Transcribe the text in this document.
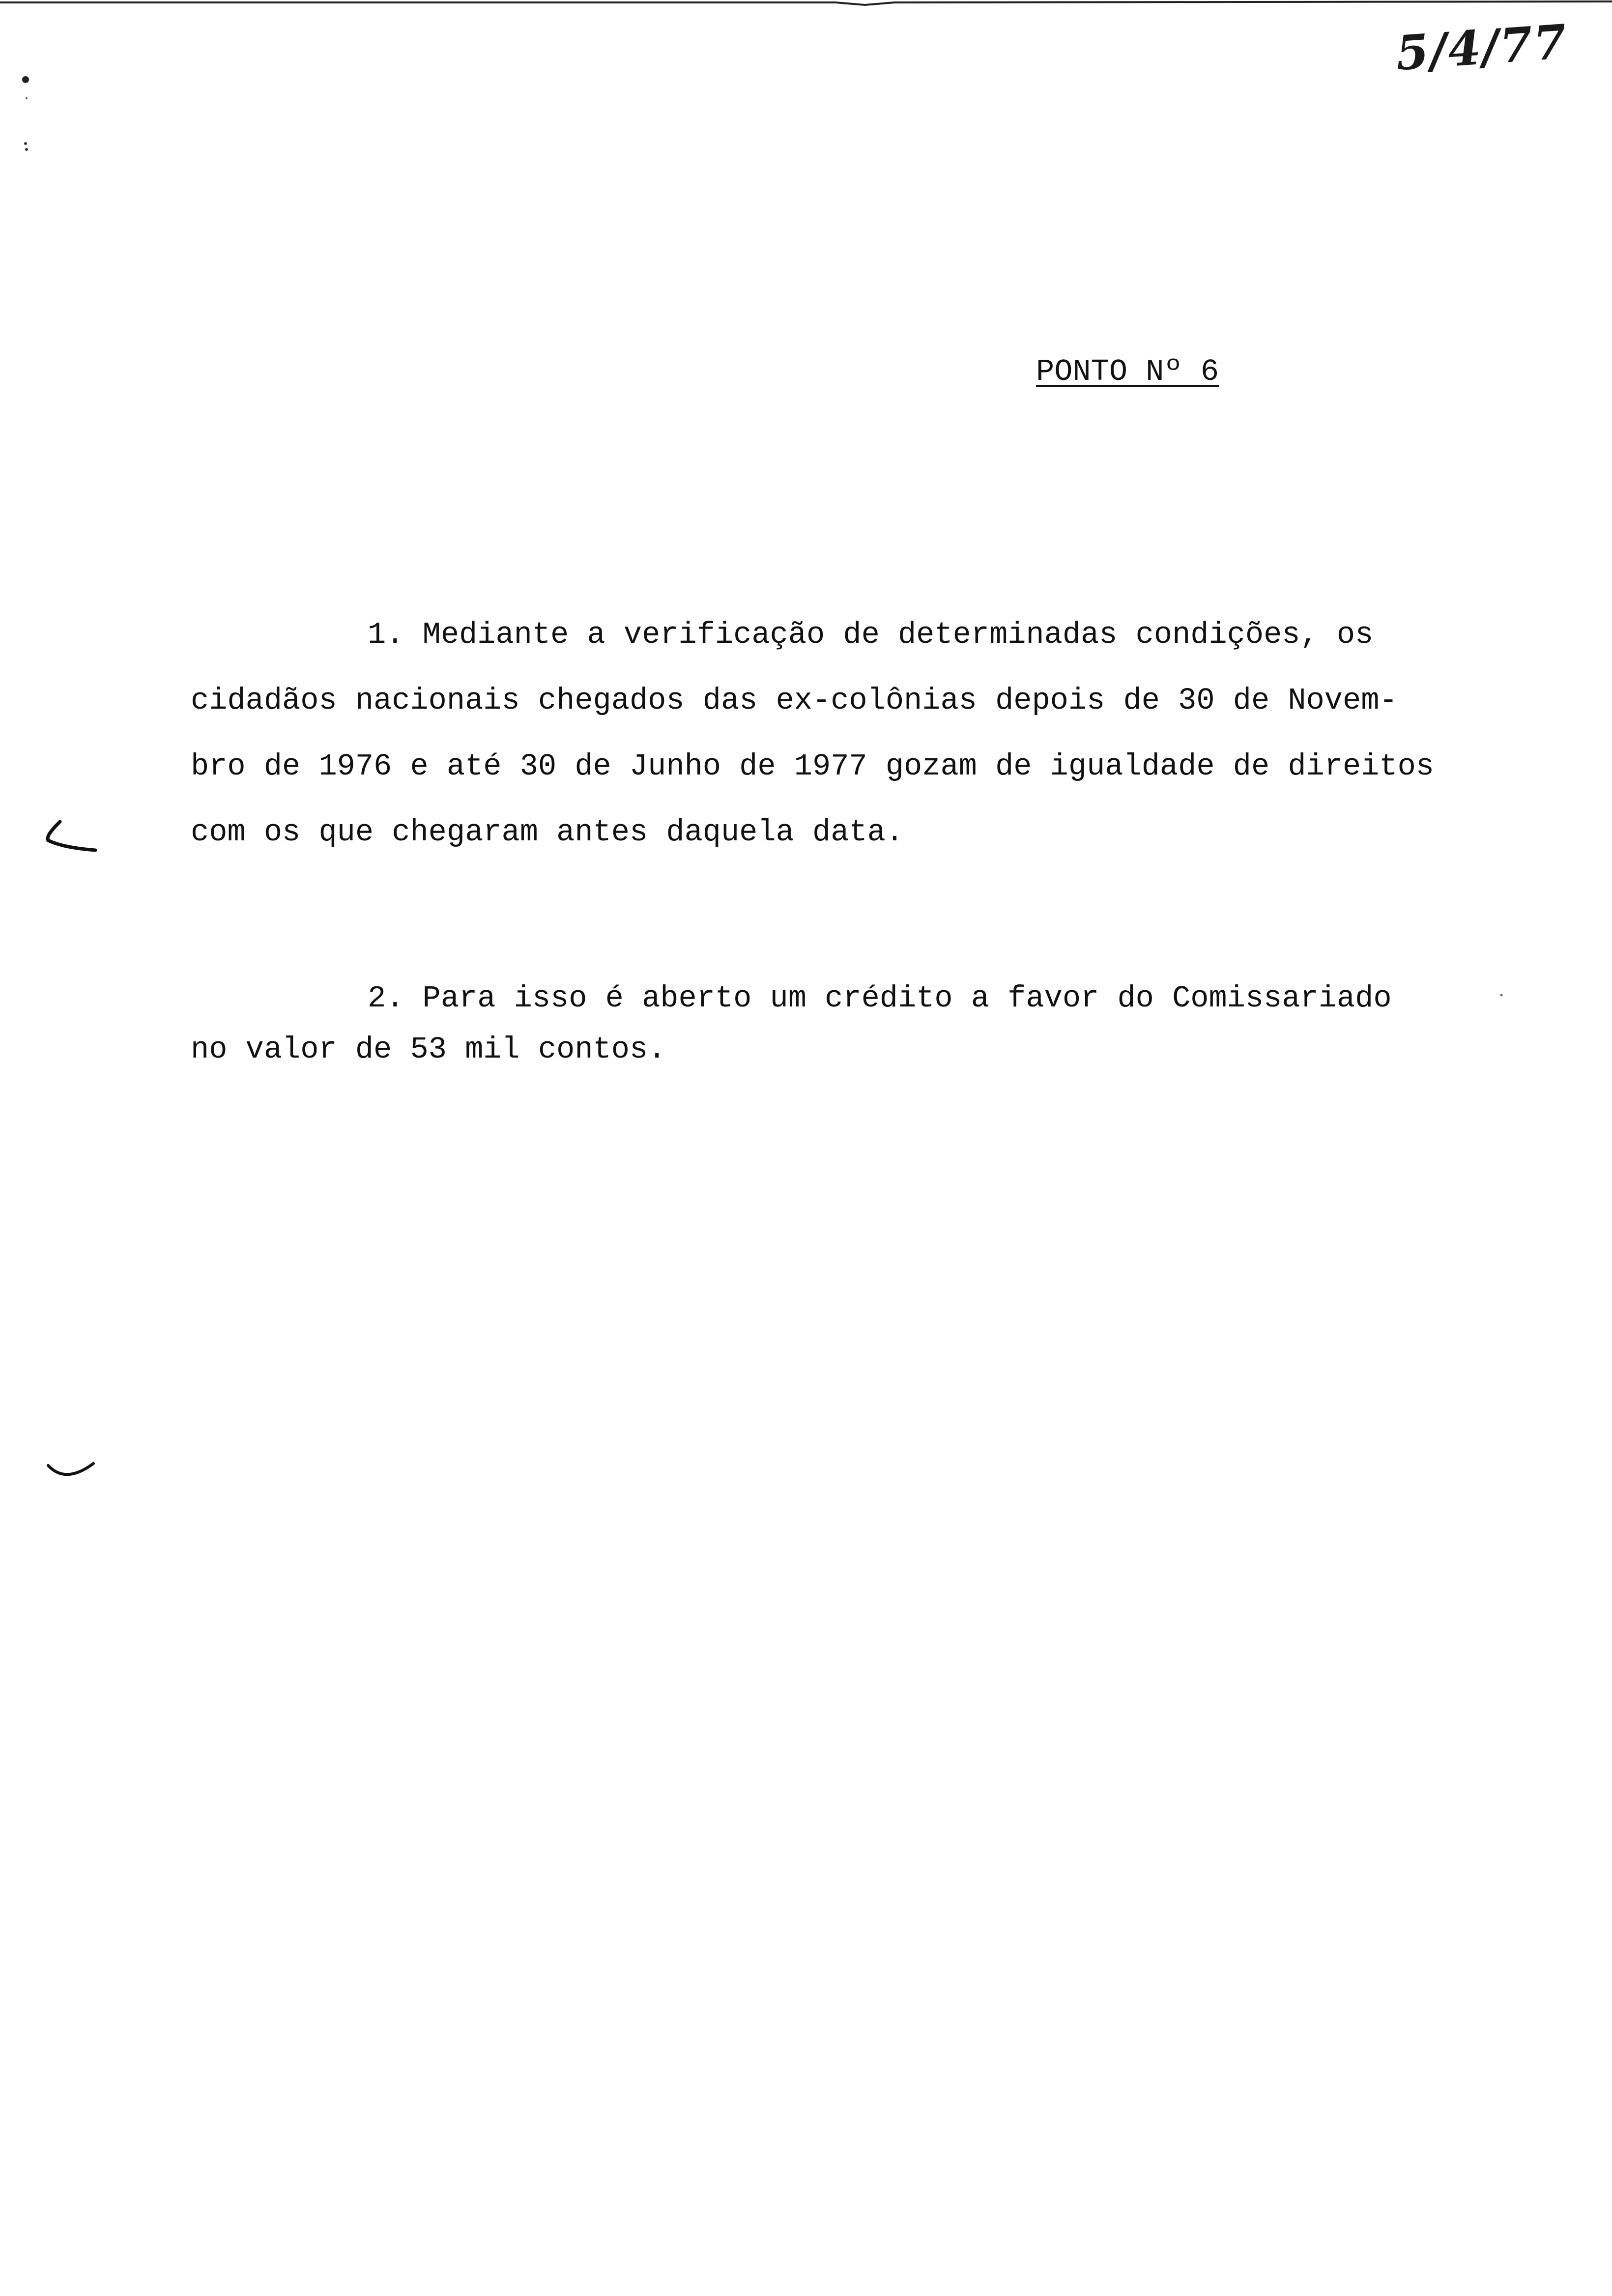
5/4/77
PONTO Nº 6
1. Mediante a verificação de determinadas condições, os
cidadãos nacionais chegados das ex-colônias depois de 30 de Novem-
bro de 1976 e até 30 de Junho de 1977 gozam de igualdade de direitos
com os que chegaram antes daquela data.
2. Para isso é aberto um crédito a favor do Comissariado
no valor de 53 mil contos.
